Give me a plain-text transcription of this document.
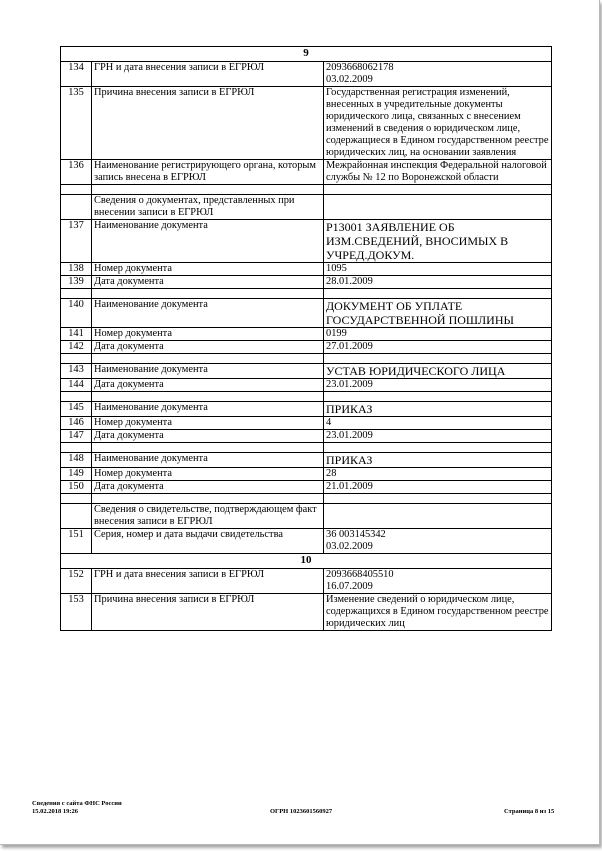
9		
134	ГРН и дата внесения записи в ЕГРЮЛ	2093668062178
03.02.2009

135	Причина внесения записи в ЕГРЮЛ	Государственная регистрация изменений, внесенных в учредительные документы юридического лица, связанных с внесением изменений в сведения о юридическом лице, содержащиеся в Едином государственном реестре юридических лиц, на основании заявления
136	Наименование регистрирующего органа, которым запись внесена в ЕГРЮЛ	Межрайонная инспекция Федеральной налоговой службы № 12 по Воронежской области

	Сведения о документах, представленных при внесении записи в ЕГРЮЛ	
137	Наименование документа	Р13001 ЗАЯВЛЕНИЕ ОБ ИЗМ.СВЕДЕНИЙ, ВНОСИМЫХ В УЧРЕД.ДОКУМ.
138	Номер документа	1095
139	Дата документа	28.01.2009

140	Наименование документа	ДОКУМЕНТ ОБ УПЛАТЕ ГОСУДАРСТВЕННОЙ ПОШЛИНЫ
141	Номер документа	0199
142	Дата документа	27.01.2009

143	Наименование документа	УСТАВ ЮРИДИЧЕСКОГО ЛИЦА
144	Дата документа	23.01.2009

145	Наименование документа	ПРИКАЗ
146	Номер документа	4
147	Дата документа	23.01.2009

148	Наименование документа	ПРИКАЗ
149	Номер документа	28
150	Дата документа	21.01.2009

	Сведения о свидетельстве, подтверждающем факт внесения записи в ЕГРЮЛ	
151	Серия, номер и дата выдачи свидетельства	36 003145342
03.02.2009

10		
152	ГРН и дата внесения записи в ЕГРЮЛ	2093668405510
16.07.2009

153	Причина внесения записи в ЕГРЮЛ	Изменение сведений о юридическом лице, содержащихся в Едином государственном реестре юридических лиц
Сведения с сайта ФНС России
15.02.2018 19:26	ОГРН 1023601560927	Страница 8 из 15
